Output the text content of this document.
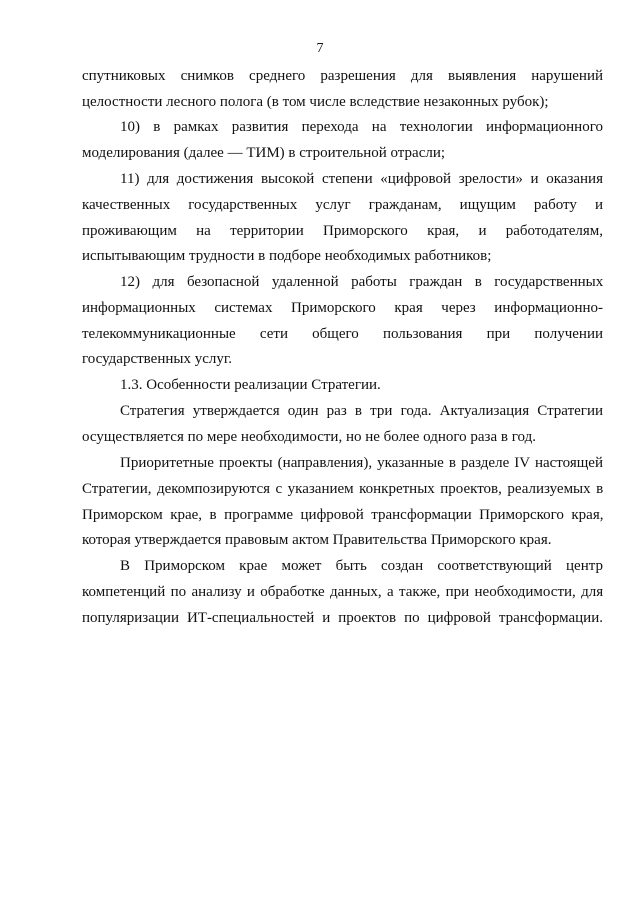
7
спутниковых снимков среднего разрешения для выявления нарушений
целостности лесного полога (в том числе вследствие незаконных рубок);
10) в рамках развития перехода на технологии информационного
моделирования (далее — ТИМ) в строительной отрасли;
11) для достижения высокой степени «цифровой зрелости» и оказания
качественных государственных услуг гражданам, ищущим работу и
проживающим на территории Приморского края, и работодателям,
испытывающим трудности в подборе необходимых работников;
12) для безопасной удаленной работы граждан в государственных
информационных системах Приморского края через информационно-
телекоммуникационные сети общего пользования при получении
государственных услуг.
1.3. Особенности реализации Стратегии.
Стратегия утверждается один раз в три года. Актуализация Стратегии
осуществляется по мере необходимости, но не более одного раза в год.
Приоритетные проекты (направления), указанные в разделе IV настоящей
Стратегии, декомпозируются с указанием конкретных проектов, реализуемых в
Приморском крае, в программе цифровой трансформации Приморского края,
которая утверждается правовым актом Правительства Приморского края.
В Приморском крае может быть создан соответствующий центр
компетенций по анализу и обработке данных, а также, при необходимости, для
популяризации ИТ-специальностей и проектов по цифровой трансформации.
